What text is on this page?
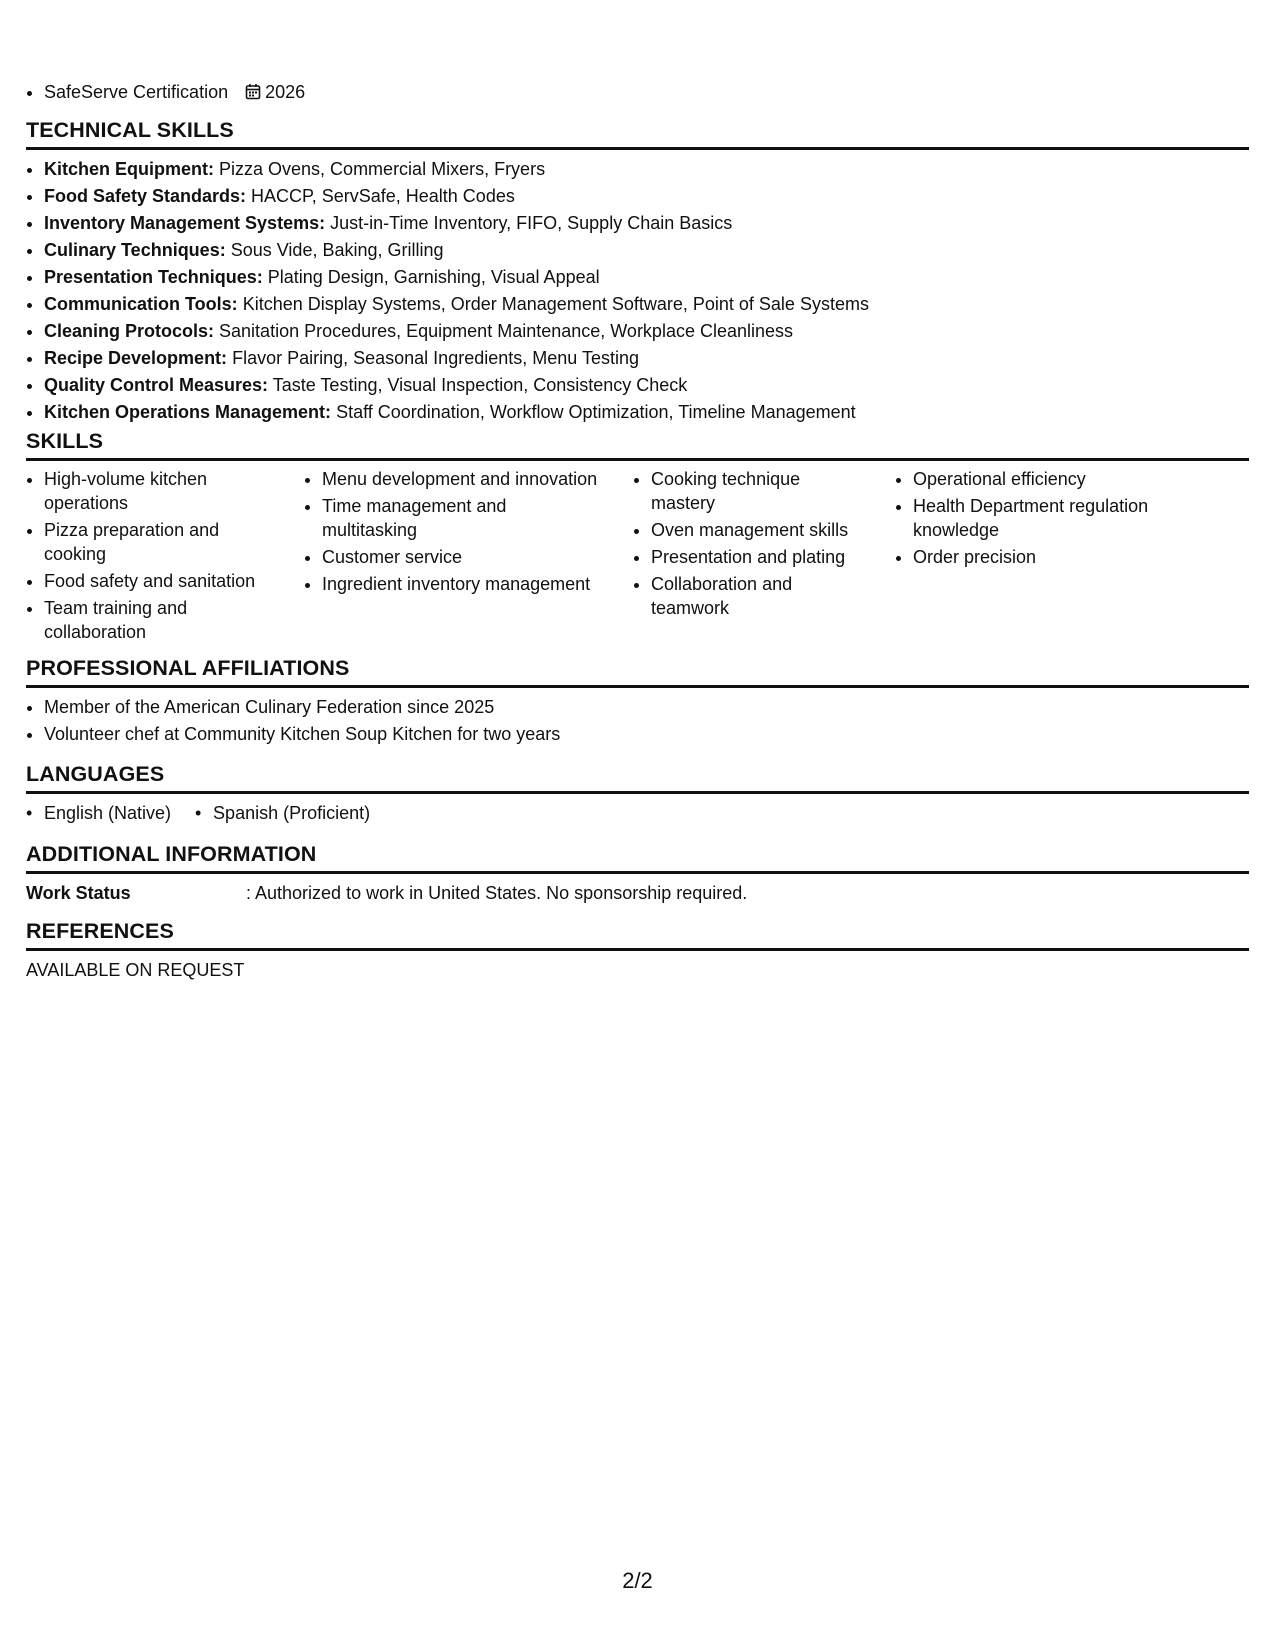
• SafeServe Certification 2026
TECHNICAL SKILLS
• Kitchen Equipment: Pizza Ovens, Commercial Mixers, Fryers
• Food Safety Standards: HACCP, ServSafe, Health Codes
• Inventory Management Systems: Just-in-Time Inventory, FIFO, Supply Chain Basics
• Culinary Techniques: Sous Vide, Baking, Grilling
• Presentation Techniques: Plating Design, Garnishing, Visual Appeal
• Communication Tools: Kitchen Display Systems, Order Management Software, Point of Sale Systems
• Cleaning Protocols: Sanitation Procedures, Equipment Maintenance, Workplace Cleanliness
• Recipe Development: Flavor Pairing, Seasonal Ingredients, Menu Testing
• Quality Control Measures: Taste Testing, Visual Inspection, Consistency Check
• Kitchen Operations Management: Staff Coordination, Workflow Optimization, Timeline Management
SKILLS
• High-volume kitchen operations
• Pizza preparation and cooking
• Food safety and sanitation
• Team training and collaboration
• Menu development and innovation
• Time management and multitasking
• Customer service
• Ingredient inventory management
• Cooking technique mastery
• Oven management skills
• Presentation and plating
• Collaboration and teamwork
• Operational efficiency
• Health Department regulation knowledge
• Order precision
PROFESSIONAL AFFILIATIONS
• Member of the American Culinary Federation since 2025
• Volunteer chef at Community Kitchen Soup Kitchen for two years
LANGUAGES
• English (Native)
•	Spanish (Proficient)
ADDITIONAL INFORMATION
Work Status	: Authorized to work in United States. No sponsorship required.
REFERENCES
AVAILABLE ON REQUEST
2/2
